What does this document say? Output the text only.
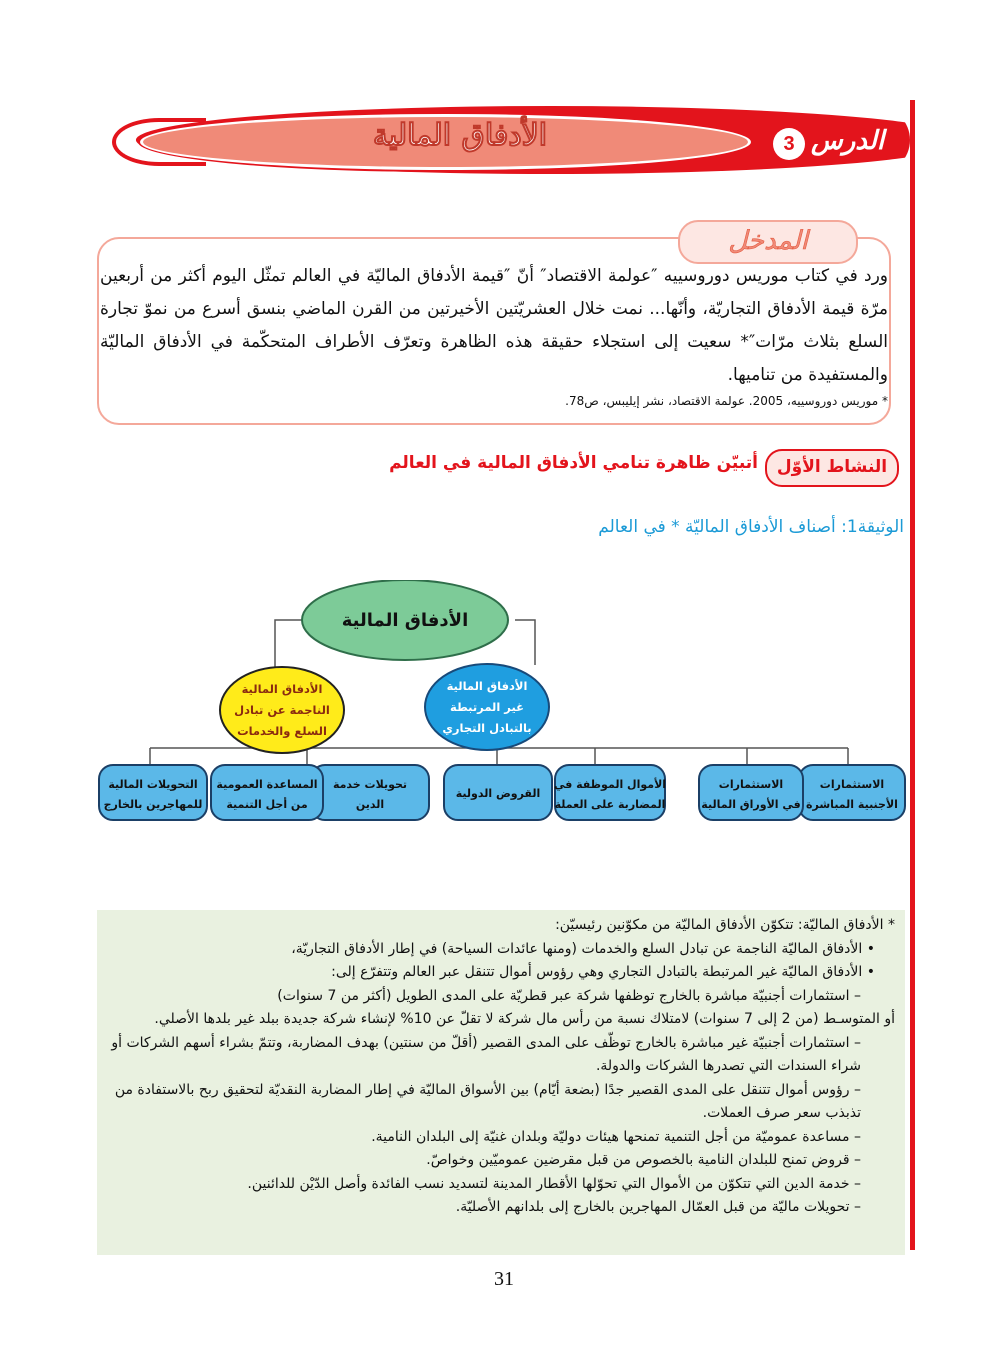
الأدفاق المالية	الدرس
3
المدخل
ورد في كتاب موريس دوروسييه ″عولمة الاقتصاد″ أنّ ″قيمة الأدفاق الماليّة في العالم تمثّل اليوم أكثر من أربعين مرّة قيمة الأدفاق التجاريّة، وأنّها... نمت خلال العشريّتين الأخيرتين من القرن الماضي بنسق أسرع من نموّ تجارة السلع بثلاث مرّات″* سعيت إلى استجلاء حقيقة هذه الظاهرة وتعرّف الأطراف المتحكّمة في الأدفاق الماليّة والمستفيدة من تناميها.
* موريس دوروسييه، 2005. عولمة الاقتصاد، نشر إيليبس، ص78.
النشاط الأوّل
أتبيّن ظاهرة تنامي الأدفاق المالية في العالم
الوثيقة1: أصناف الأدفاق الماليّة * في العالم
الأدفاق المالية
الأدفاق المالية
غير المرتبطة
بالتبادل التجاري
الأدفاق المالية
الناجمة عن تبادل
السلع والخدمات
الاستثمارات
الأجنبية المباشرة
الاستثمارات
في الأوراق المالية
الأموال الموظفة في
المضاربة على العملة
القروض الدولية
تحويلات خدمة
الدين
المساعدة العمومية
من أجل التنمية
التحويلات المالية
للمهاجرين بالخارج

* الأدفاق الماليّة: تتكوّن الأدفاق الماليّة من مكوّنين رئيسيّن:

• الأدفاق الماليّة الناجمة عن تبادل السلع والخدمات (ومنها عائدات السياحة) في إطار الأدفاق التجاريّة،

• الأدفاق الماليّة غير المرتبطة بالتبادل التجاري وهي رؤوس أموال تتنقل عبر العالم وتتفرّع إلى:

– استثمارات أجنبيّة مباشرة بالخارج توظفها شركة عبر قطريّة على المدى الطويل (أكثر من 7 سنوات)

أو المتوسـط (من 2 إلى 7 سنوات) لامتلاك نسبة من رأس مال شركة لا تقلّ عن 10% لإنشاء شركة جديدة ببلد غير بلدها الأصلي.

– استثمارات أجنبيّة غير مباشرة بالخارج توظّف على المدى القصير (أقلّ من سنتين) بهدف المضاربة، وتتمّ بشراء أسهم الشركات أو شراء السندات التي تصدرها الشركات والدولة.

– رؤوس أموال تتنقل على المدى القصير جدًا (بضعة أيّام) بين الأسواق الماليّة في إطار المضاربة النقديّة لتحقيق ربح بالاستفادة من تذبذب سعر صرف العملات.

– مساعدة عموميّة من أجل التنمية تمنحها هيئات دوليّة وبلدان غنيّة إلى البلدان النامية.

– قروض تمنح للبلدان النامية بالخصوص من قبل مقرضين عموميّين وخواصّ.

– خدمة الدين التي تتكوّن من الأموال التي تحوّلها الأقطار المدينة لتسديد نسب الفائدة وأصل الدّيْن للدائنين.

– تحويلات ماليّة من قبل العمّال المهاجرين بالخارج إلى بلدانهم الأصليّة.

31
